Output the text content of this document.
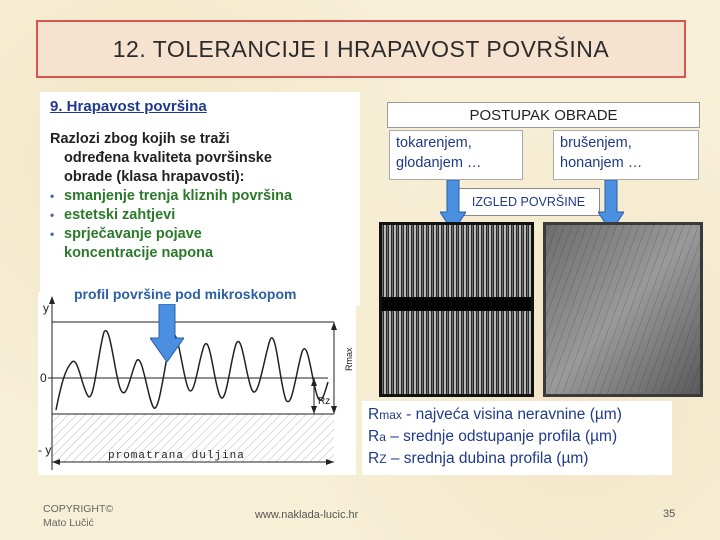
12. TOLERANCIJE I HRAPAVOST POVRŠINA
9. Hrapavost površina
Razlozi zbog kojih se traži
određena kvaliteta površinske
obrade (klasa hrapavosti):
• smanjenje trenja kliznih površina
• estetski zahtjevi
• sprječavanje pojave
koncentracije napona
y
0
- y
Rz
Rmax
promatrana duljina
profil površine pod mikroskopom
POSTUPAK OBRADE
tokarenjem,
glodanjem …
brušenjem,
honanjem …
IZGLED POVRŠINE
Rmax - najveća visina neravnine (µm)
Ra – srednje odstupanje profila (µm)
RZ – srednja dubina profila (µm)
COPYRIGHT©
Mato Lučić
www.naklada-lucic.hr	35
